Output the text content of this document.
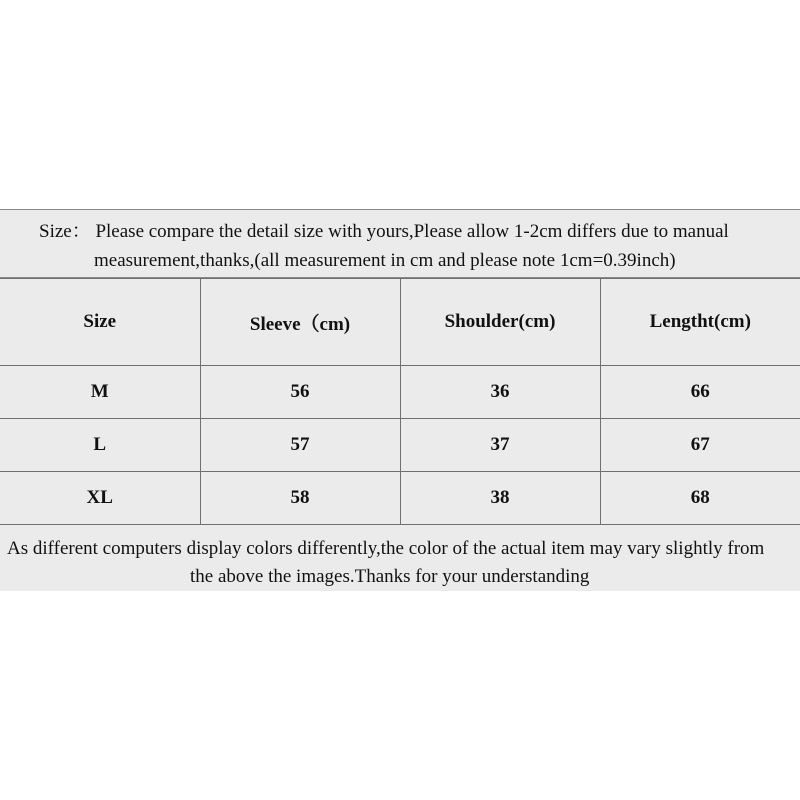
Size： Please compare the detail size with yours,Please allow 1-2cm differs due to manual
measurement,thanks,(all measurement in cm and please note 1cm=0.39inch)
Size	Sleeve（cm)	Shoulder(cm)	Lengtht(cm)
M	56	36	66
L	57	37	67
XL	58	38	68
As different computers display colors differently,the color of the actual item may vary slightly from
the above the images.Thanks for your understanding
